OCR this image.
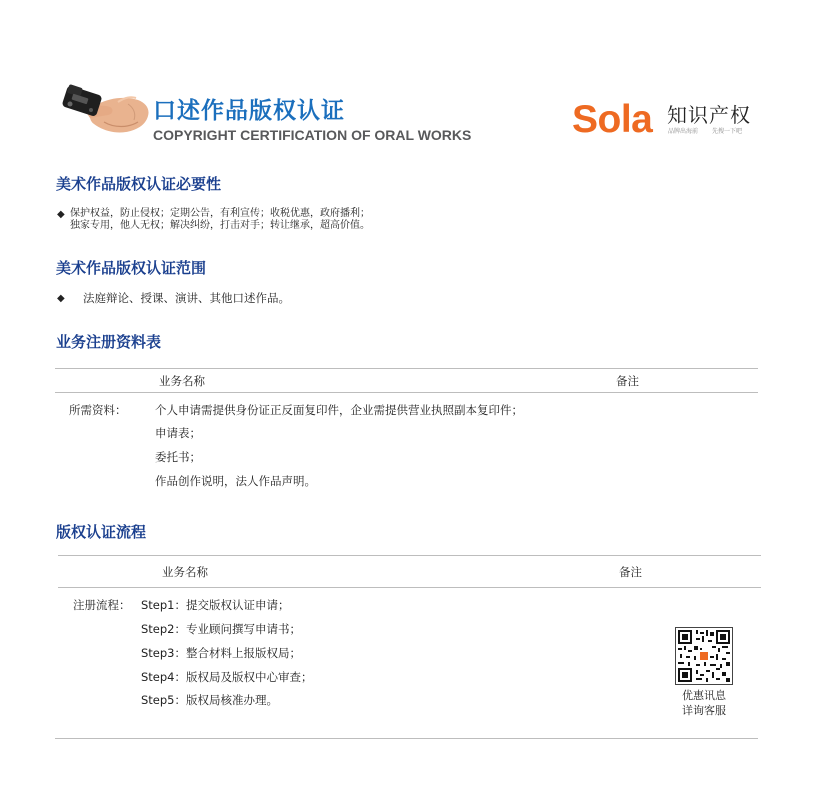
口述作品版权认证
COPYRIGHT CERTIFICATION OF ORAL WORKS	Sola 知识产权
品牌出海前 先搜一下吧
美术作品版权认证必要性
◆ 保护权益，防止侵权；定期公告，有利宣传；收税优惠，政府播利；
独家专用，他人无权；解决纠纷，打击对手；转让继承，超高价值。
美术作品版权认证范围
◆ 法庭辩论、授课、演讲、其他口述作品。
业务注册资料表
业务名称	备注
所需资料： 个人申请需提供身份证正反面复印件，企业需提供营业执照副本复印件；
申请表；
委托书；
作品创作说明，法人作品声明。
版权认证流程
业务名称	备注
注册流程： Step1：提交版权认证申请；
Step2：专业顾问撰写申请书；
Step3：整合材料上报版权局；
Step4：版权局及版权中心审查；
Step5：版权局核准办理。	优惠讯息
详询客服
